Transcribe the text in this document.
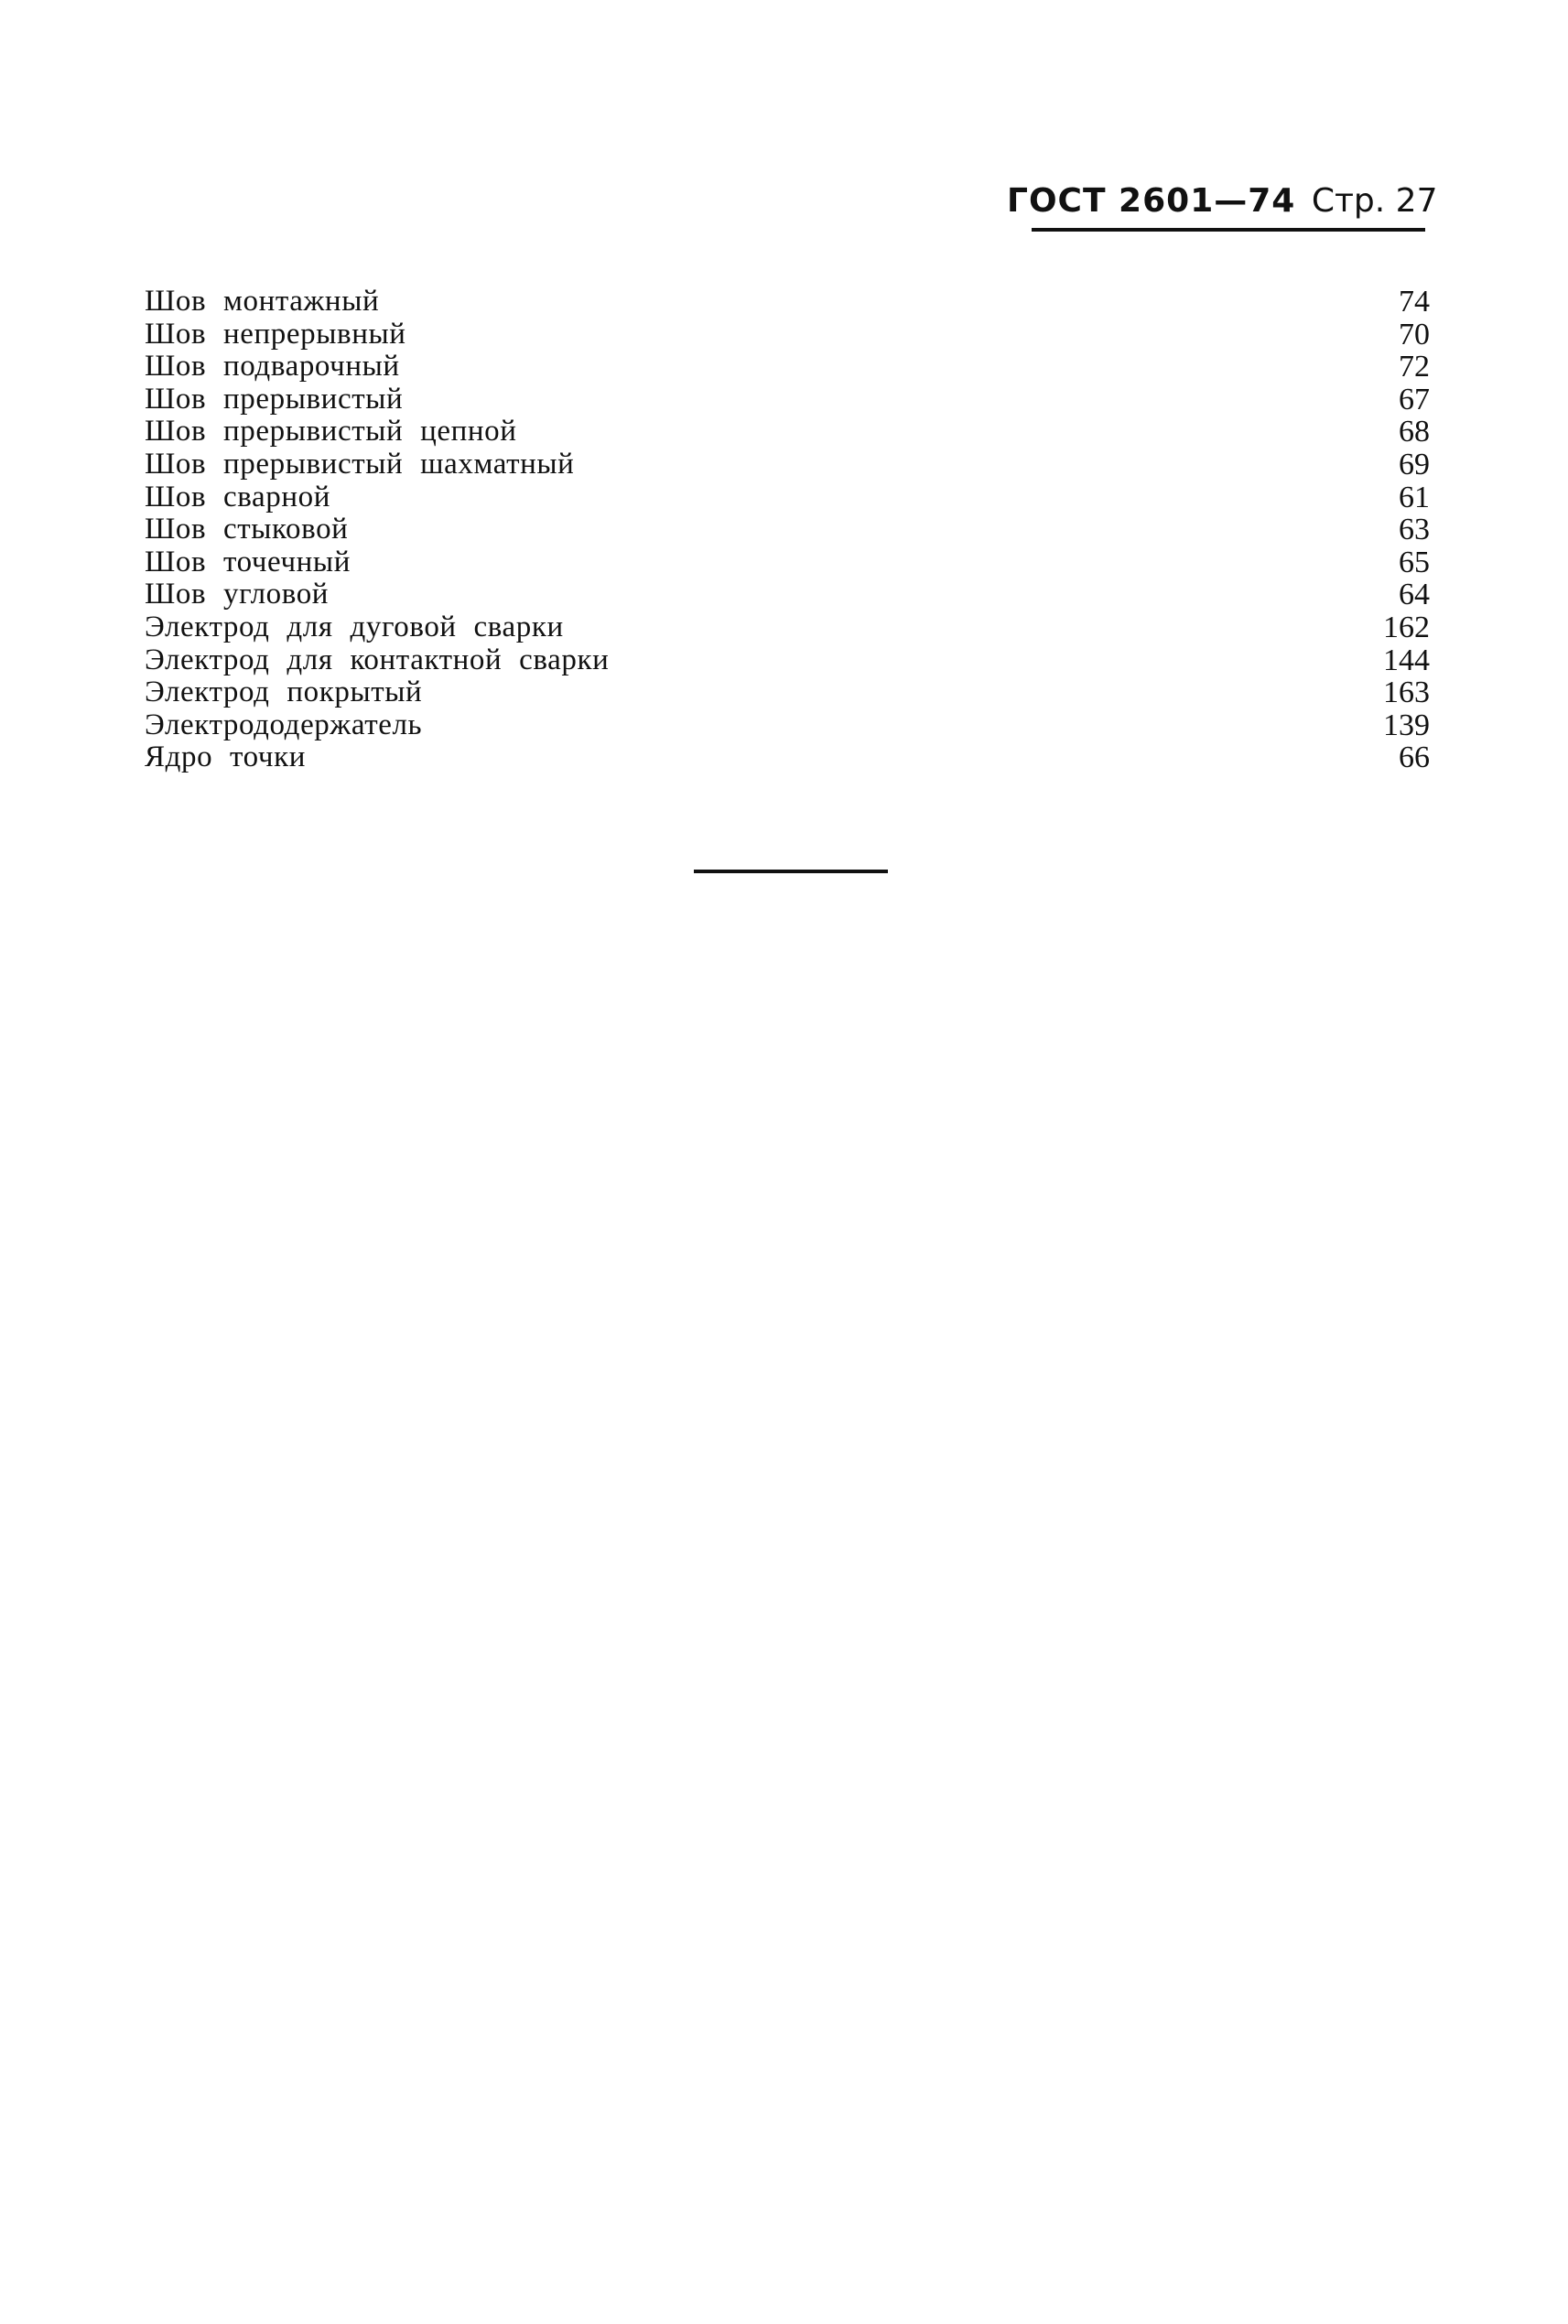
ГОСТ 2601—74 Стр. 27
Шов монтажный	74
Шов непрерывный	70
Шов подварочный	72
Шов прерывистый	67
Шов прерывистый цепной	68
Шов прерывистый шахматный	69
Шов сварной	61
Шов стыковой	63
Шов точечный	65
Шов угловой	64
Электрод для дуговой сварки	162
Электрод для контактной сварки	144
Электрод покрытый	163
Электрододержатель	139
Ядро точки	66
